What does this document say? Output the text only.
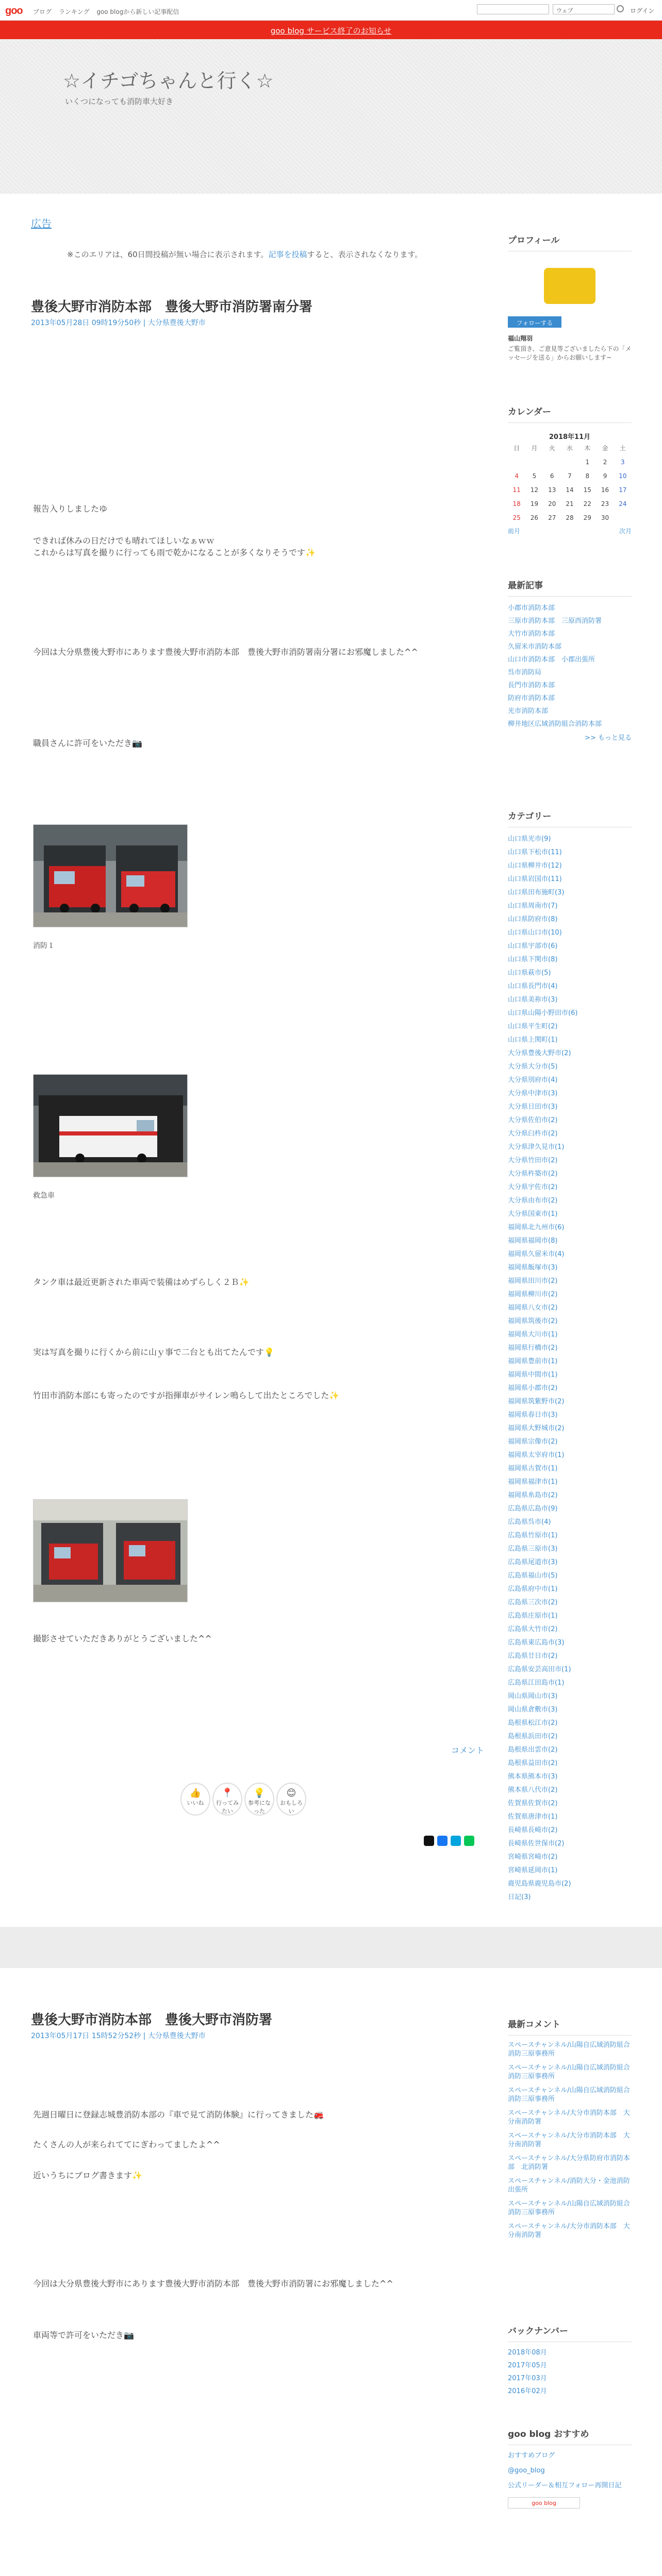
goo ブログ ランキング goo blogから新しい記事配信	ウェブ	ログイン
goo blog サービス終了のお知らせ
☆イチゴちゃんと行く☆
いくつになっても消防車大好き
広告
※このエリアは、60日間投稿が無い場合に表示されます。記事を投稿すると、表示されなくなります。
豊後大野市消防本部　豊後大野市消防署南分署
2013年05月28日 09時19分50秒 | 大分県豊後大野市
報告入りしましたゆ
これからは写真を撮りに行っても雨で乾かになることが多くなりそうです✨
できれば休みの日だけでも晴れてほしいなぁｗｗ
今回は大分県豊後大野市にあります豊後大野市消防本部　豊後大野市消防署南分署にお邪魔しました^^
職員さんに許可をいただき📷
消防１
救急車
タンク車は最近更新された車両で装備はめずらしく２Ｂ✨
実は写真を撮りに行くから前に山ｙ事で二台とも出てたんです💡
竹田市消防本部にも寄ったのですが指揮車がサイレン鳴らして出たところでした✨
撮影させていただきありがとうございました^^
コメント
👍
いいね
📍
行ってみたい
💡
参考になった
😊
おもしろい
豊後大野市消防本部　豊後大野市消防署
2013年05月17日 15時52分52秒 | 大分県豊後大野市
先週日曜日に登録志城豊消防本部の『車で見て消防体験』に行ってきました🚒
たくさんの人が来られててにぎわってましたよ^^
近いうちにブログ書きます✨
今回は大分県豊後大野市にあります豊後大野市消防本部　豊後大野市消防署にお邪魔しました^^
車両等で許可をいただき📷
プロフィール
フォローする
福山翔羽
ご覧頂き、ご意見等ございましたら下の「メッセージを送る」からお願いします~
カレンダー
2018年11月
日	月	火	水	木	金	土
				1	2	3
4	5	6	7	8	9	10
11	12	13	14	15	16	17
18	19	20	21	22	23	24
25	26	27	28	29	30	
前月	次月
最新記事
小郡市消防本部
三原市消防本部　三原西消防署
大竹市消防本部
久留米市消防本部
山口市消防本部　小郡出張所
呉市消防局
長門市消防本部
防府市消防本部
光市消防本部
柳井地区広域消防組合消防本部
>> もっと見る
カテゴリー
山口県光市(9)
山口県下松市(11)
山口県柳井市(12)
山口県岩国市(11)
山口県田布施町(3)
山口県周南市(7)
山口県防府市(8)
山口県山口市(10)
山口県宇部市(6)
山口県下関市(8)
山口県萩市(5)
山口県長門市(4)
山口県美祢市(3)
山口県山陽小野田市(6)
山口県平生町(2)
山口県上関町(1)
大分県豊後大野市(2)
大分県大分市(5)
大分県別府市(4)
大分県中津市(3)
大分県日田市(3)
大分県佐伯市(2)
大分県臼杵市(2)
大分県津久見市(1)
大分県竹田市(2)
大分県杵築市(2)
大分県宇佐市(2)
大分県由布市(2)
大分県国東市(1)
福岡県北九州市(6)
福岡県福岡市(8)
福岡県久留米市(4)
福岡県飯塚市(3)
福岡県田川市(2)
福岡県柳川市(2)
福岡県八女市(2)
福岡県筑後市(2)
福岡県大川市(1)
福岡県行橋市(2)
福岡県豊前市(1)
福岡県中間市(1)
福岡県小郡市(2)
福岡県筑紫野市(2)
福岡県春日市(3)
福岡県大野城市(2)
福岡県宗像市(2)
福岡県太宰府市(1)
福岡県古賀市(1)
福岡県福津市(1)
福岡県糸島市(2)
広島県広島市(9)
広島県呉市(4)
広島県竹原市(1)
広島県三原市(3)
広島県尾道市(3)
広島県福山市(5)
広島県府中市(1)
広島県三次市(2)
広島県庄原市(1)
広島県大竹市(2)
広島県東広島市(3)
広島県廿日市(2)
広島県安芸高田市(1)
広島県江田島市(1)
岡山県岡山市(3)
岡山県倉敷市(3)
島根県松江市(2)
島根県浜田市(2)
島根県出雲市(2)
島根県益田市(2)
熊本県熊本市(3)
熊本県八代市(2)
佐賀県佐賀市(2)
佐賀県唐津市(1)
長崎県長崎市(2)
長崎県佐世保市(2)
宮崎県宮崎市(2)
宮崎県延岡市(1)
鹿児島県鹿児島市(2)
日記(3)
最新コメント
スペースチャンネル/山陽自広域消防組合　消防三原事務所
スペースチャンネル/山陽自広域消防組合　消防三原事務所
スペースチャンネル/山陽自広域消防組合　消防三原事務所
スペースチャンネル/大分市消防本部　大分南消防署
スペースチャンネル/大分市消防本部　大分南消防署
スペースチャンネル/大分県防府市消防本部　北消防署
スペースチャンネル/消防大分・金池消防出張所
スペースチャンネル/山陽自広域消防組合　消防三原事務所
スペースチャンネル/大分市消防本部　大分南消防署
バックナンバー
2018年08月
2017年05月
2017年03月
2016年02月
goo blog おすすめ
おすすめブログ
@goo_blog
公式リーダー＆相互フォロー再開日記
goo blog
